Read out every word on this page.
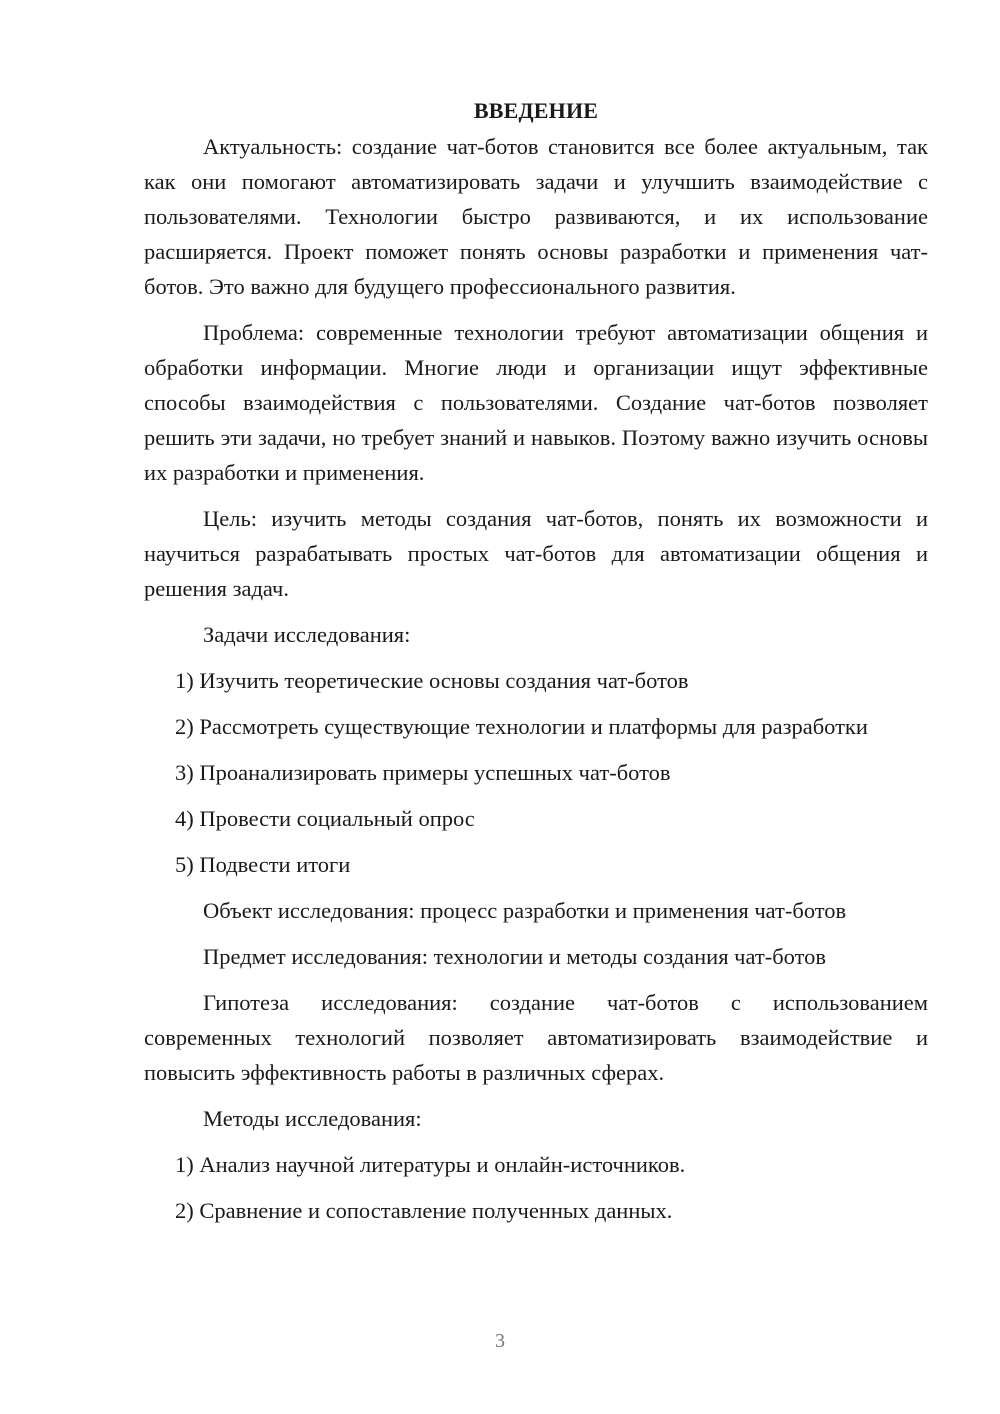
ВВЕДЕНИЕ

Актуальность: создание чат-ботов становится все более актуальным, так как они помогают автоматизировать задачи и улучшить взаимодействие с пользователями. Технологии быстро развиваются, и их использование расширяется. Проект поможет понять основы разработки и применения чат-ботов. Это важно для будущего профессионального развития.

Проблема: современные технологии требуют автоматизации общения и обработки информации. Многие люди и организации ищут эффективные способы взаимодействия с пользователями. Создание чат-ботов позволяет решить эти задачи, но требует знаний и навыков. Поэтому важно изучить основы их разработки и применения.

Цель: изучить методы создания чат-ботов, понять их возможности и научиться разрабатывать простых чат-ботов для автоматизации общения и решения задач.

Задачи исследования:

1) Изучить теоретические основы создания чат-ботов

2) Рассмотреть существующие технологии и платформы для разработки

3) Проанализировать примеры успешных чат-ботов

4) Провести социальный опрос

5) Подвести итоги

Объект исследования: процесс разработки и применения чат-ботов

Предмет исследования: технологии и методы создания чат-ботов

Гипотеза исследования: создание чат-ботов с использованием современных технологий позволяет автоматизировать взаимодействие и повысить эффективность работы в различных сферах.

Методы исследования:

1) Анализ научной литературы и онлайн-источников.

2) Сравнение и сопоставление полученных данных.

3
